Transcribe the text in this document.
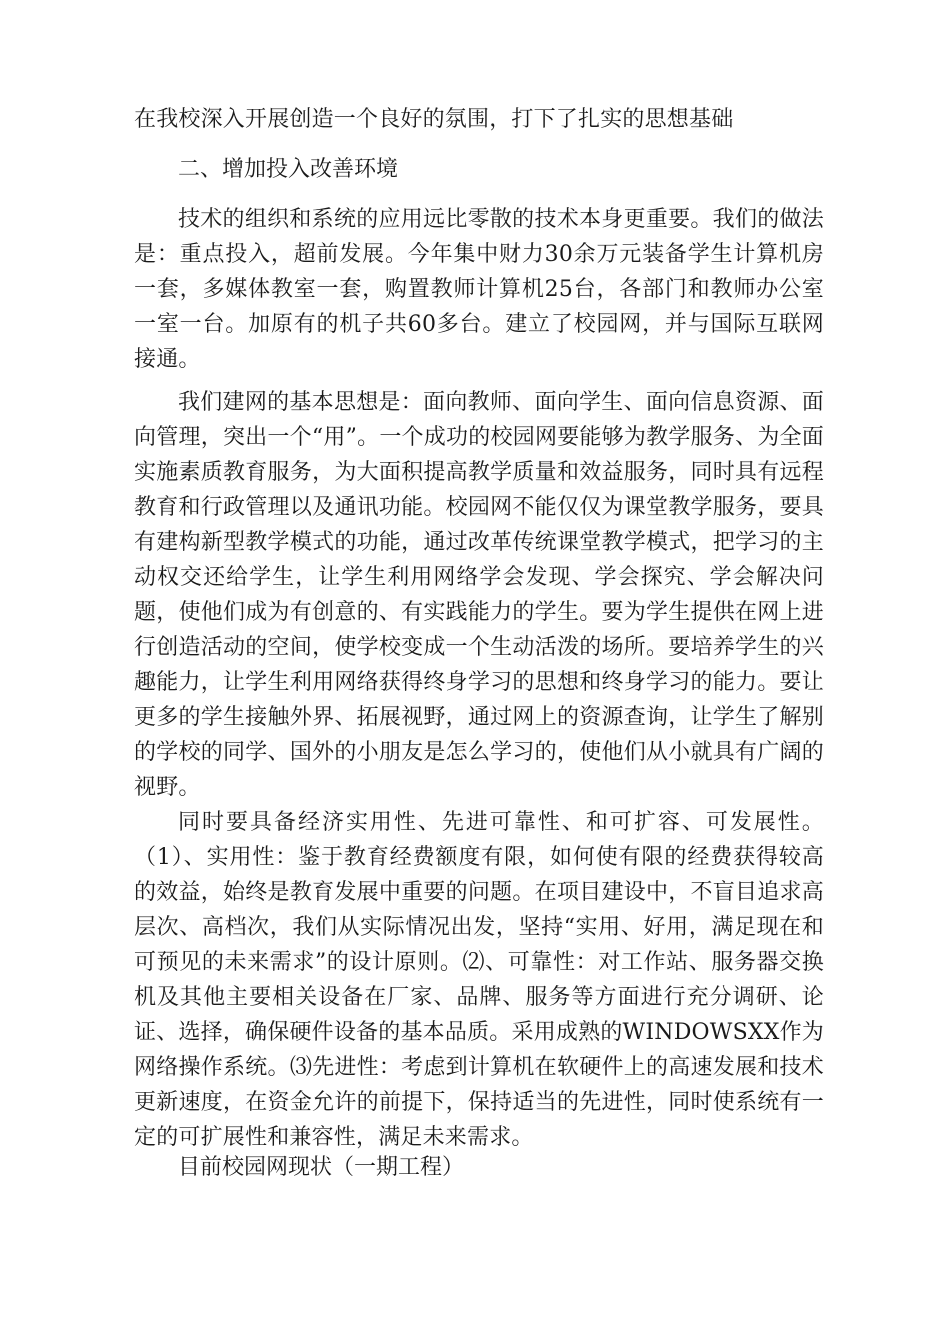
在我校深入开展创造一个良好的氛围，打下了扎实的思想基础

二、增加投入改善环境

技术的组织和系统的应用远比零散的技术本身更重要。我们的做法是：重点投入，超前发展。今年集中财力30余万元装备学生计算机房一套，多媒体教室一套，购置教师计算机25台，各部门和教师办公室一室一台。加原有的机子共60多台。建立了校园网，并与国际互联网接通。

我们建网的基本思想是：面向教师、面向学生、面向信息资源、面向管理，突出一个“用”。一个成功的校园网要能够为教学服务、为全面实施素质教育服务，为大面积提高教学质量和效益服务，同时具有远程教育和行政管理以及通讯功能。校园网不能仅仅为课堂教学服务，要具有建构新型教学模式的功能，通过改革传统课堂教学模式，把学习的主动权交还给学生，让学生利用网络学会发现、学会探究、学会解决问题，使他们成为有创意的、有实践能力的学生。要为学生提供在网上进行创造活动的空间，使学校变成一个生动活泼的场所。要培养学生的兴趣能力，让学生利用网络获得终身学习的思想和终身学习的能力。要让更多的学生接触外界、拓展视野，通过网上的资源查询，让学生了解别的学校的同学、国外的小朋友是怎么学习的，使他们从小就具有广阔的视野。

同时要具备经济实用性、先进可靠性、和可扩容、可发展性。（1）、实用性：鉴于教育经费额度有限，如何使有限的经费获得较高的效益，始终是教育发展中重要的问题。在项目建设中，不盲目追求高层次、高档次，我们从实际情况出发，坚持“实用、好用，满足现在和可预见的未来需求”的设计原则。⑵、可靠性：对工作站、服务器交换机及其他主要相关设备在厂家、品牌、服务等方面进行充分调研、论证、选择，确保硬件设备的基本品质。采用成熟的WINDOWSXX作为网络操作系统。⑶先进性：考虑到计算机在软硬件上的高速发展和技术更新速度，在资金允许的前提下，保持适当的先进性，同时使系统有一定的可扩展性和兼容性，满足未来需求。

目前校园网现状（一期工程）
